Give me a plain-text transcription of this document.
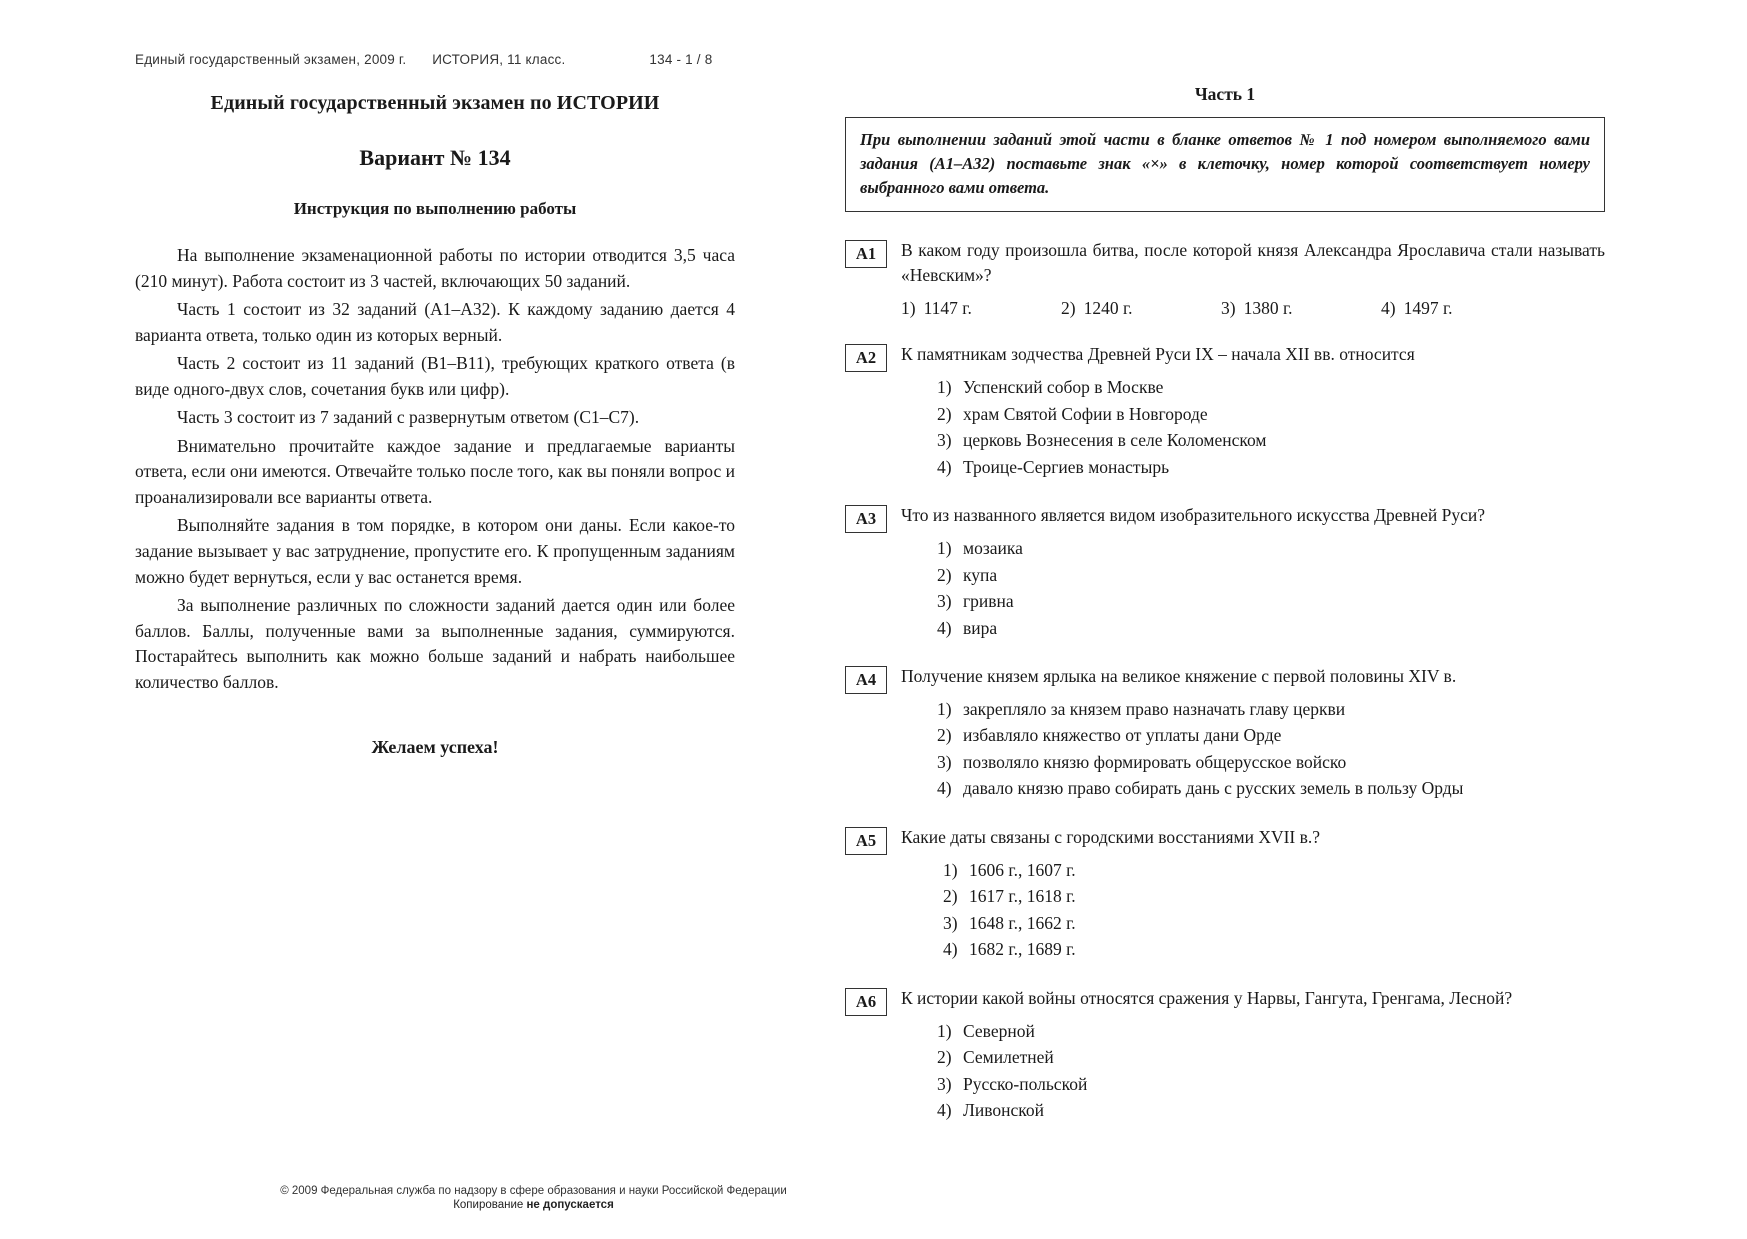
Единый государственный экзамен, 2009 г. ИСТОРИЯ, 11 класс.	134 - 1 / 8
Единый государственный экзамен по ИСТОРИИ
Вариант № 134
Инструкция по выполнению работы

На выполнение экзаменационной работы по истории отводится 3,5 часа (210 минут). Работа состоит из 3 частей, включающих 50 заданий.

Часть 1 состоит из 32 заданий (А1–А32). К каждому заданию дается 4 варианта ответа, только один из которых верный.

Часть 2 состоит из 11 заданий (В1–В11), требующих краткого ответа (в виде одного-двух слов, сочетания букв или цифр).

Часть 3 состоит из 7 заданий с развернутым ответом (С1–С7).

Внимательно прочитайте каждое задание и предлагаемые варианты ответа, если они имеются. Отвечайте только после того, как вы поняли вопрос и проанализировали все варианты ответа.

Выполняйте задания в том порядке, в котором они даны. Если какое-то задание вызывает у вас затруднение, пропустите его. К пропущенным заданиям можно будет вернуться, если у вас останется время.

За выполнение различных по сложности заданий дается один или более баллов. Баллы, полученные вами за выполненные задания, суммируются. Постарайтесь выполнить как можно больше заданий и набрать наибольшее количество баллов.

Желаем успеха!
Часть 1

При выполнении заданий этой части в бланке ответов № 1 под номером выполняемого вами задания (А1–А32) поставьте знак «×» в клеточку, номер которой соответствует номеру выбранного вами ответа.

A1	В каком году произошла битва, после которой князя Александра Ярославича стали называть «Невским»?

1) 1147 г.	2) 1240 г.	3) 1380 г.	4) 1497 г.
A2	К памятникам зодчества Древней Руси IX – начала XII вв. относится

1) Успенский собор в Москве
2) храм Святой Софии в Новгороде
3) церковь Вознесения в селе Коломенском
4) Троице-Сергиев монастырь
A3	Что из названного является видом изобразительного искусства Древней Руси?

1) мозаика
2) купа
3) гривна
4) вира
A4	Получение князем ярлыка на великое княжение с первой половины XIV в.

1) закрепляло за князем право назначать главу церкви
2) избавляло княжество от уплаты дани Орде
3) позволяло князю формировать общерусское войско
4) давало князю право собирать дань с русских земель в пользу Орды
A5	Какие даты связаны с городскими восстаниями XVII в.?

1) 1606 г., 1607 г.
2) 1617 г., 1618 г.
3) 1648 г., 1662 г.
4) 1682 г., 1689 г.
A6	К истории какой войны относятся сражения у Нарвы, Гангута, Гренгама, Лесной?

1) Северной
2) Семилетней
3) Русско-польской
4) Ливонской
© 2009 Федеральная служба по надзору в сфере образования и науки Российской Федерации
Копирование не допускается
